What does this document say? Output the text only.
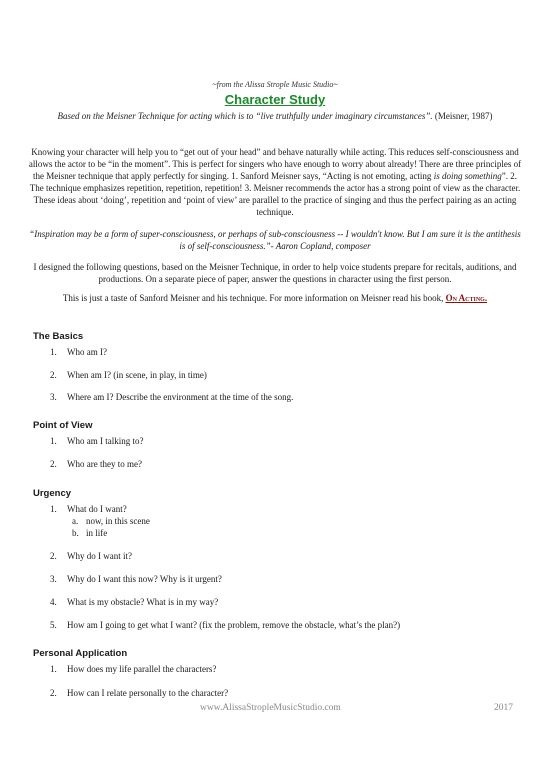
~from the Alissa Strople Music Studio~
Character Study
Based on the Meisner Technique for acting which is to “live truthfully under imaginary circumstances”. (Meisner, 1987)
Knowing your character will help you to “get out of your head” and behave naturally while acting. This reduces self-consciousness and allows the actor to be “in the moment”. This is perfect for singers who have enough to worry about already! There are three principles of the Meisner technique that apply perfectly for singing. 1. Sanford Meisner says, “Acting is not emoting, acting is doing something”. 2. The technique emphasizes repetition, repetition, repetition! 3. Meisner recommends the actor has a strong point of view as the character. These ideas about ‘doing’, repetition and ‘point of view’ are parallel to the practice of singing and thus the perfect pairing as an acting technique.
“Inspiration may be a form of super-consciousness, or perhaps of sub-consciousness -- I wouldn't know. But I am sure it is the antithesis is of self-consciousness.”- Aaron Copland, composer
I designed the following questions, based on the Meisner Technique, in order to help voice students prepare for recitals, auditions, and productions. On a separate piece of paper, answer the questions in character using the first person.
This is just a taste of Sanford Meisner and his technique. For more information on Meisner read his book, On Acting.
The Basics
1. Who am I?
2. When am I? (in scene, in play, in time)
3. Where am I? Describe the environment at the time of the song.
Point of View
1. Who am I talking to?
2. Who are they to me?
Urgency
1. What do I want?
a. now, in this scene
b. in life
2. Why do I want it?
3. Why do I want this now? Why is it urgent?
4. What is my obstacle? What is in my way?
5. How am I going to get what I want? (fix the problem, remove the obstacle, what’s the plan?)
Personal Application
1. How does my life parallel the characters?
2. How can I relate personally to the character?
www.AlissaStropleMusicStudio.com	2017
